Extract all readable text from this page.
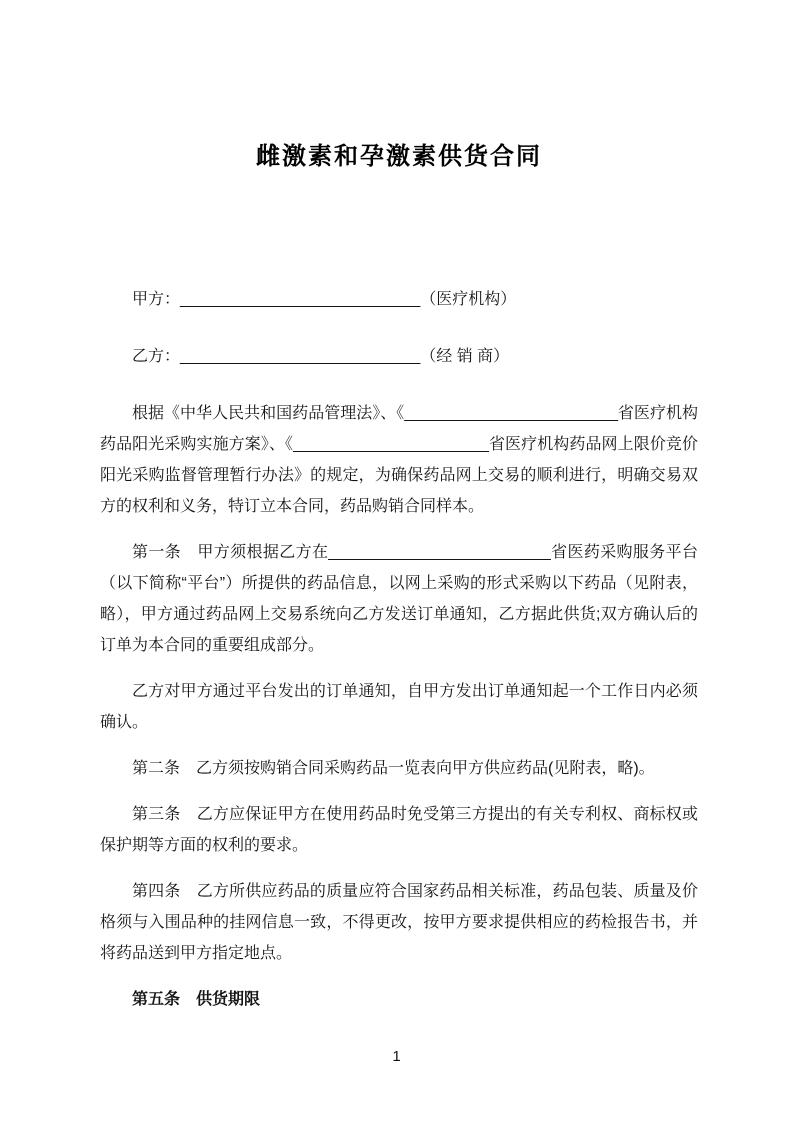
雌激素和孕激素供货合同
甲方：___________________________（医疗机构）
乙方：___________________________（经 销 商）

根据《中华人民共和国药品管理法》、《________________________省医疗机构药品阳光采购实施方案》、《______________________省医疗机构药品网上限价竞价阳光采购监督管理暂行办法》的规定，为确保药品网上交易的顺利进行，明确交易双方的权利和义务，特订立本合同，药品购销合同样本。

第一条　甲方须根据乙方在_________________________省医药采购服务平台（以下简称“平台”）所提供的药品信息，以网上采购的形式采购以下药品（见附表，略），甲方通过药品网上交易系统向乙方发送订单通知，乙方据此供货;双方确认后的订单为本合同的重要组成部分。

乙方对甲方通过平台发出的订单通知，自甲方发出订单通知起一个工作日内必须确认。

第二条　乙方须按购销合同采购药品一览表向甲方供应药品(见附表，略)。

第三条　乙方应保证甲方在使用药品时免受第三方提出的有关专利权、商标权或保护期等方面的权利的要求。

第四条　乙方所供应药品的质量应符合国家药品相关标准，药品包装、质量及价格须与入围品种的挂网信息一致，不得更改，按甲方要求提供相应的药检报告书，并将药品送到甲方指定地点。

第五条　供货期限

1
